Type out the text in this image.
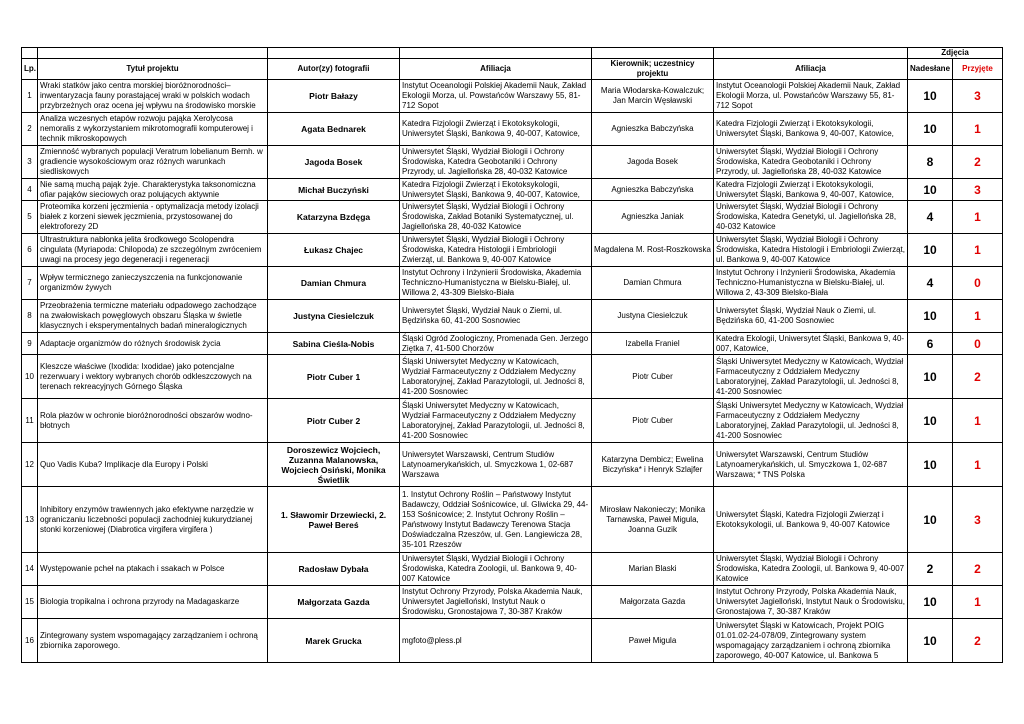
						Zdjęcia	
Lp.	Tytuł projektu	Autor(zy) fotografii	Afiliacja	Kierownik; uczestnicy projektu	Afiliacja	Nadesłane	Przyjęte
1	Wraki statków jako centra morskiej bioróżnorodności– inwentaryzacja fauny porastającej wraki w polskich wodach przybrzeżnych oraz ocena jej wpływu na środowisko morskie	Piotr Bałazy	Instytut Oceanologii Polskiej Akademii Nauk, Zakład Ekologii Morza, ul. Powstańców Warszawy 55, 81-712 Sopot	Maria Włodarska-Kowalczuk; Jan Marcin Węsławski	Instytut Oceanologii Polskiej Akademii Nauk, Zakład Ekologii Morza, ul. Powstańców Warszawy 55, 81-712 Sopot	10	3
2	Analiza wczesnych etapów rozwoju pająka Xerolycosa nemoralis z wykorzystaniem mikrotomografii komputerowej i technik mikroskopowych	Agata Bednarek	Katedra Fizjologii Zwierząt i Ekotoksykologii, Uniwersytet Śląski, Bankowa 9, 40-007, Katowice,	Agnieszka Babczyńska	Katedra Fizjologii Zwierząt i Ekotoksykologii, Uniwersytet Śląski, Bankowa 9, 40-007, Katowice,	10	1
3	Zmienność wybranych populacji Veratrum lobelianum Bernh. w gradiencie wysokościowym oraz różnych warunkach siedliskowych	Jagoda Bosek	Uniwersytet Śląski, Wydział Biologii i Ochrony Środowiska, Katedra Geobotaniki i Ochrony Przyrody, ul. Jagiellońska 28, 40-032 Katowice	Jagoda Bosek	Uniwersytet Śląski, Wydział Biologii i Ochrony Środowiska, Katedra Geobotaniki i Ochrony Przyrody, ul. Jagiellońska 28, 40-032 Katowice	8	2
4	Nie samą muchą pająk żyje. Charakterystyka taksonomiczna ofiar pająków sieciowych oraz polujących aktywnie	Michał Buczyński	Katedra Fizjologii Zwierząt i Ekotoksykologii, Uniwersytet Śląski, Bankowa 9, 40-007, Katowice,	Agnieszka Babczyńska	Katedra Fizjologii Zwierząt i Ekotoksykologii, Uniwersytet Śląski, Bankowa 9, 40-007, Katowice,	10	3
5	Proteomika korzeni jęczmienia - optymalizacja metody izolacji białek z korzeni siewek jęczmienia, przystosowanej do elektroforezy 2D	Katarzyna Bzdęga	Uniwersytet Śląski, Wydział Biologii i Ochrony Środowiska, Zakład Botaniki Systematycznej, ul. Jagiellońska 28, 40-032 Katowice	Agnieszka Janiak	Uniwersytet Śląski, Wydział Biologii i Ochrony Środowiska, Katedra Genetyki, ul. Jagiellońska 28, 40-032 Katowice	4	1
6	Ultrastruktura nabłonka jelita środkowego Scolopendra cingulata (Myriapoda: Chilopoda) ze szczególnym zwróceniem uwagi na procesy jego degeneracji i regeneracji	Łukasz Chajec	Uniwersytet Śląski, Wydział Biologii i Ochrony Środowiska, Katedra Histologii i Embriologii Zwierząt, ul. Bankowa 9, 40-007 Katowice	Magdalena M. Rost-Roszkowska	Uniwersytet Śląski, Wydział Biologii i Ochrony Środowiska, Katedra Histologii i Embriologii Zwierząt, ul. Bankowa 9, 40-007 Katowice	10	1
7	Wpływ termicznego zanieczyszczenia na funkcjonowanie organizmów żywych	Damian Chmura	Instytut Ochrony i Inżynierii Środowiska, Akademia Techniczno-Humanistyczna w Bielsku-Białej, ul. Willowa 2, 43-309 Bielsko-Biała	Damian Chmura	Instytut Ochrony i Inżynierii Środowiska, Akademia Techniczno-Humanistyczna w Bielsku-Białej, ul. Willowa 2, 43-309 Bielsko-Biała	4	0
8	Przeobrażenia termiczne materiału odpadowego zachodzące na zwałowiskach powęglowych obszaru Śląska w świetle klasycznych i eksperymentalnych badań mineralogicznych	Justyna Ciesielczuk	Uniwersytet Śląski, Wydział Nauk o Ziemi, ul. Będzińska 60, 41-200 Sosnowiec	Justyna Ciesielczuk	Uniwersytet Śląski, Wydział Nauk o Ziemi, ul. Będzińska 60, 41-200 Sosnowiec	10	1
9	Adaptacje organizmów do różnych środowisk życia	Sabina Cieśla-Nobis	Śląski Ogród Zoologiczny, Promenada Gen. Jerzego Ziętka 7, 41-500 Chorzów	Izabella Franiel	Katedra Ekologii, Uniwersytet Śląski, Bankowa 9, 40-007, Katowice,	6	0
10	Kleszcze właściwe (Ixodida: Ixodidae) jako potencjalne rezerwuary i wektory wybranych chorób odkleszczowych na terenach rekreacyjnych Górnego Śląska	Piotr Cuber 1	Śląski Uniwersytet Medyczny w Katowicach, Wydział Farmaceutyczny z Oddziałem Medyczny Laboratoryjnej, Zakład Parazytologii, ul. Jedności 8, 41-200 Sosnowiec	Piotr Cuber	Śląski Uniwersytet Medyczny w Katowicach, Wydział Farmaceutyczny z Oddziałem Medyczny Laboratoryjnej, Zakład Parazytologii, ul. Jedności 8, 41-200 Sosnowiec	10	2
11	Rola płazów w ochronie bioróżnorodności obszarów wodno-błotnych	Piotr Cuber 2	Śląski Uniwersytet Medyczny w Katowicach, Wydział Farmaceutyczny z Oddziałem Medyczny Laboratoryjnej, Zakład Parazytologii, ul. Jedności 8, 41-200 Sosnowiec	Piotr Cuber	Śląski Uniwersytet Medyczny w Katowicach, Wydział Farmaceutyczny z Oddziałem Medyczny Laboratoryjnej, Zakład Parazytologii, ul. Jedności 8, 41-200 Sosnowiec	10	1
12	Quo Vadis Kuba? Implikacje dla Europy i Polski	Doroszewicz Wojciech, Zuzanna Malanowska, Wojciech Osiński, Monika Świetlik	Uniwersytet Warszawski, Centrum Studiów Latynoamerykańskich, ul. Smyczkowa 1, 02-687 Warszawa	Katarzyna Dembicz; Ewelina Biczyńska* i Henryk Szlajfer	Uniwersytet Warszawski, Centrum Studiów Latynoamerykańskich, ul. Smyczkowa 1, 02-687 Warszawa; * TNS Polska	10	1
13	Inhibitory enzymów trawiennych jako efektywne narzędzie w ograniczaniu liczebności populacji zachodniej kukurydzianej stonki korzeniowej (Diabrotica virgifera virgifera )	1. Sławomir Drzewiecki, 2. Paweł Bereś	1. Instytut Ochrony Roślin – Państwowy Instytut Badawczy, Oddział Sośnicowice, ul. Gliwicka 29, 44-153 Sośnicowice; 2. Instytut Ochrony Roślin – Państwowy Instytut Badawczy Terenowa Stacja Doświadczalna Rzeszów, ul. Gen. Langiewicza 28, 35-101 Rzeszów	Mirosław Nakonieczy; Monika Tarnawska, Paweł Migula, Joanna Guzik	Uniwersytet Śląski, Katedra Fizjologii Zwierząt i Ekotoksykologii, ul. Bankowa 9, 40-007 Katowice	10	3
14	Występowanie pcheł na ptakach i ssakach w Polsce	Radosław Dybała	Uniwersytet Śląski, Wydział Biologii i Ochrony Środowiska, Katedra Zoologii, ul. Bankowa 9, 40-007 Katowice	Marian Blaski	Uniwersytet Śląski, Wydział Biologii i Ochrony Środowiska, Katedra Zoologii, ul. Bankowa 9, 40-007 Katowice	2	2
15	Biologia tropikalna i ochrona przyrody na Madagaskarze	Małgorzata Gazda	Instytut Ochrony Przyrody, Polska Akademia Nauk, Uniwersytet Jagielloński, Instytut Nauk o Środowisku, Gronostajowa 7, 30-387 Kraków	Małgorzata Gazda	Instytut Ochrony Przyrody, Polska Akademia Nauk, Uniwersytet Jagielloński, Instytut Nauk o Środowisku, Gronostajowa 7, 30-387 Kraków	10	1
16	Zintegrowany system wspomagający zarządzaniem i ochroną zbiornika zaporowego.	Marek Grucka	mgfoto@pless.pl	Paweł Migula	Uniwersytet Śląski w Katowicach, Projekt POIG 01.01.02-24-078/09, Zintegrowany system wspomagający zarządzaniem i ochroną zbiornika zaporowego, 40-007 Katowice, ul. Bankowa 5	10	2
